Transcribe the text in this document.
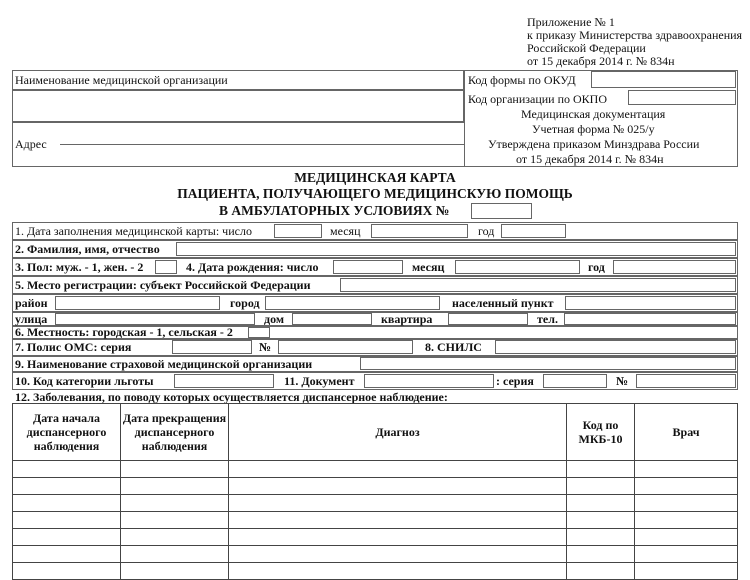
Приложение № 1
к приказу Министерства здравоохранения
Российской Федерации
от 15 декабря 2014 г. № 834н
Наименование медицинской организации
Адрес
Код формы по ОКУД
Код организации по ОКПО
Медицинская документация
Учетная форма № 025/у
Утверждена приказом Минздрава России
от 15 декабря 2014 г. № 834н
МЕДИЦИНСКАЯ КАРТА
ПАЦИЕНТА, ПОЛУЧАЮЩЕГО МЕДИЦИНСКУЮ ПОМОЩЬ
В АМБУЛАТОРНЫХ УСЛОВИЯХ №
1. Дата заполнения медицинской карты: число	месяц	год
2. Фамилия, имя, отчество
3. Пол: муж. - 1, жен. - 2	4. Дата рождения: число	месяц	год
5. Место регистрации: субъект Российской Федерации
район	город	населенный пункт
улица	дом	квартира	тел.
6. Местность: городская - 1, сельская - 2
7. Полис ОМС: серия	№	8. СНИЛС
9. Наименование страховой медицинской организации
10. Код категории льготы	11. Документ	: серия	№
12. Заболевания, по поводу которых осуществляется диспансерное наблюдение:
Дата начала диспансерного наблюдения	Дата прекращения диспансерного наблюдения	Диагноз	Код по МКБ-10	Врач
